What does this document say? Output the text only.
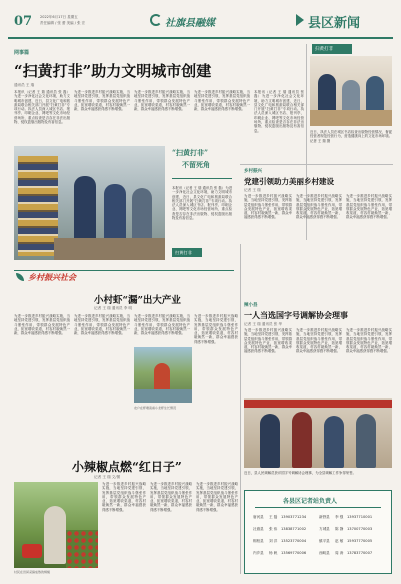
07 2022年6月17日 星期五
责任编辑 / 张 蕾 美编 / 张 宏	社旗县融媒	县区新闻
网事篇
“扫黄打非”助力文明城市创建
通讯员 王 瑞
本报讯（记者 王 瑞 通讯员 张 磊）为进一步净化社会文化环境，助力文明城市创建，近日，县文化广电和旅游局联合相关部门开展“扫黄打非”专项行动。执法人员深入城区书店、报刊亭、印刷企业、网吧等文化市场经营场所，重点检查是否存在非法出版物、侵权盗版出版物及有害信息。
为进一步推进乡村振兴战略实施，当地坚持党建引领，发挥基层党组织战斗堡垒作用，带领群众发展特色产业，拓宽增收渠道，村容村貌焕然一新，群众幸福感获得感不断增强。
为进一步推进乡村振兴战略实施，当地坚持党建引领，发挥基层党组织战斗堡垒作用，带领群众发展特色产业，拓宽增收渠道，村容村貌焕然一新，群众幸福感获得感不断增强。
为进一步推进乡村振兴战略实施，当地坚持党建引领，发挥基层党组织战斗堡垒作用，带领群众发展特色产业，拓宽增收渠道，村容村貌焕然一新，群众幸福感获得感不断增强。
本报讯（记者 王 瑞 通讯员 张 磊）为进一步净化社会文化环境，助力文明城市创建，近日，县文化广电和旅游局联合相关部门开展“扫黄打非”专项行动。执法人员深入城区书店、报刊亭、印刷企业、网吧等文化市场经营场所，重点检查是否存在非法出版物、侵权盗版出版物及有害信息。
“扫黄打非”
不留死角
本报讯（记者 王 瑞 通讯员 张 磊）为进一步净化社会文化环境，助力文明城市创建，近日，县文化广电和旅游局联合相关部门开展“扫黄打非”专项行动。执法人员深入城区书店、报刊亭、印刷企业、网吧等文化市场经营场所，重点检查是否存在非法出版物、侵权盗版出版物及有害信息。
扫黄打非
扫黄打非
近日，执法人员在城区书店检查出版物经营情况，督促经营者规范经营行为，营造健康向上的文化市场环境。 记者 王 瑞 摄
乡村振兴
党建引领助力美丽乡村建设
记者 王 瑞
为进一步推进乡村振兴战略实施，当地坚持党建引领，发挥基层党组织战斗堡垒作用，带领群众发展特色产业，拓宽增收渠道，村容村貌焕然一新，群众幸福感获得感不断增强。
为进一步推进乡村振兴战略实施，当地坚持党建引领，发挥基层党组织战斗堡垒作用，带领群众发展特色产业，拓宽增收渠道，村容村貌焕然一新，群众幸福感获得感不断增强。
为进一步推进乡村振兴战略实施，当地坚持党建引领，发挥基层党组织战斗堡垒作用，带领群众发展特色产业，拓宽增收渠道，村容村貌焕然一新，群众幸福感获得感不断增强。
乡村振兴社会
小村虾“漏”出大产业
记者 王 瑞 通讯员 李 明
为进一步推进乡村振兴战略实施，当地坚持党建引领，发挥基层党组织战斗堡垒作用，带领群众发展特色产业，拓宽增收渠道，村容村貌焕然一新，群众幸福感获得感不断增强。
为进一步推进乡村振兴战略实施，当地坚持党建引领，发挥基层党组织战斗堡垒作用，带领群众发展特色产业，拓宽增收渠道，村容村貌焕然一新，群众幸福感获得感不断增强。
为进一步推进乡村振兴战略实施，当地坚持党建引领，发挥基层党组织战斗堡垒作用，带领群众发展特色产业，拓宽增收渠道，村容村貌焕然一新，群众幸福感获得感不断增强。
为进一步推进乡村振兴战略实施，当地坚持党建引领，发挥基层党组织战斗堡垒作用，带领群众发展特色产业，拓宽增收渠道，村容村貌焕然一新，群众幸福感获得感不断增强。
农户在虾塘查看小龙虾生长情况
辣小县
一人当选国字号调解协会理事
记者 王 瑞 通讯员 张 华
为进一步推进乡村振兴战略实施，当地坚持党建引领，发挥基层党组织战斗堡垒作用，带领群众发展特色产业，拓宽增收渠道，村容村貌焕然一新，群众幸福感获得感不断增强。
为进一步推进乡村振兴战略实施，当地坚持党建引领，发挥基层党组织战斗堡垒作用，带领群众发展特色产业，拓宽增收渠道，村容村貌焕然一新，群众幸福感获得感不断增强。
为进一步推进乡村振兴战略实施，当地坚持党建引领，发挥基层党组织战斗堡垒作用，带领群众发展特色产业，拓宽增收渠道，村容村貌焕然一新，群众幸福感获得感不断增强。
近日，县人民调解员获评国字号调解协会理事，为全县调解工作争得荣誉。
小辣椒点燃“红日子”
记者 王 瑞 文/图
村民在田间采摘成熟的辣椒
为进一步推进乡村振兴战略实施，当地坚持党建引领，发挥基层党组织战斗堡垒作用，带领群众发展特色产业，拓宽增收渠道，村容村貌焕然一新，群众幸福感获得感不断增强。
为进一步推进乡村振兴战略实施，当地坚持党建引领，发挥基层党组织战斗堡垒作用，带领群众发展特色产业，拓宽增收渠道，村容村貌焕然一新，群众幸福感获得感不断增强。
为进一步推进乡村振兴战略实施，当地坚持党建引领，发挥基层党组织战斗堡垒作用，带领群众发展特色产业，拓宽增收渠道，村容村貌焕然一新，群众幸福感获得感不断增强。
各县区记者站负责人
唐河县 王 磊 13903771234	新野县 李 强 13937710001
社旗县 张 伟 13838771002	方城县 陈 静 13700770003
桐柏县 刘 洋 13523770004	镇平县 赵 敏 15937770005
内乡县 杨 帆 13569770006	西峡县 周 涛 13783770007
